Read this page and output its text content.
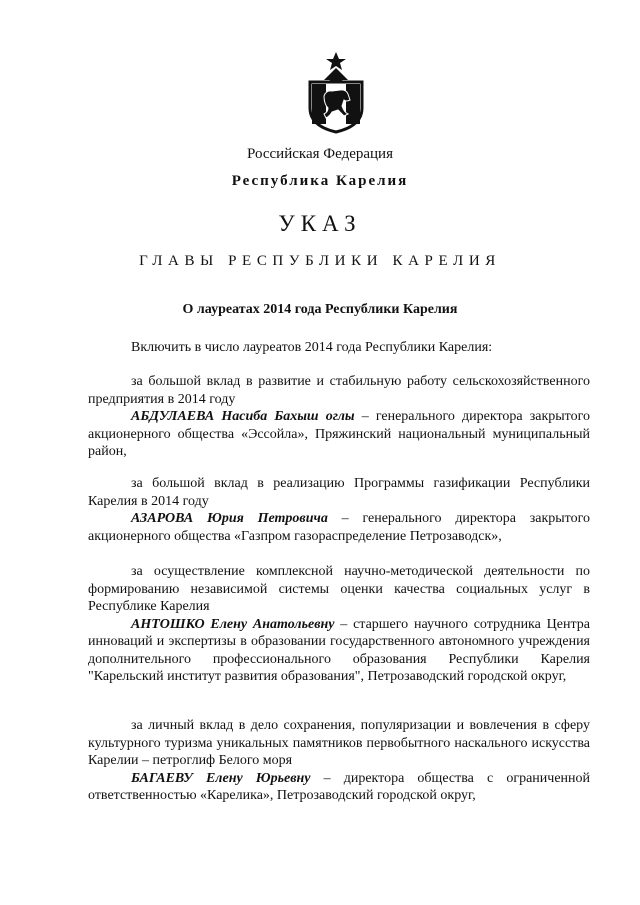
Российская Федерация
Республика Карелия
УКАЗ
ГЛАВЫ РЕСПУБЛИКИ КАРЕЛИЯ
О лауреатах 2014 года Республики Карелия
Включить в число лауреатов 2014 года Республики Карелия:
за большой вклад в развитие и стабильную работу сельскохозяйственного предприятия в 2014 году
АБДУЛАЕВА Насиба Бахыш оглы – генерального директора закрытого акционерного общества «Эссойла», Пряжинский национальный муниципальный район,
за большой вклад в реализацию Программы газификации Республики Карелия в 2014 году
АЗАРОВА Юрия Петровича – генерального директора закрытого акционерного общества «Газпром газораспределение Петрозаводск»,
за осуществление комплексной научно-методической деятельности по формированию независимой системы оценки качества социальных услуг в Республике Карелия
АНТОШКО Елену Анатольевну – старшего научного сотрудника Центра инноваций и экспертизы в образовании государственного автономного учреждения дополнительного профессионального образования Республики Карелия "Карельский институт развития образования", Петрозаводский городской округ,
за личный вклад в дело сохранения, популяризации и вовлечения в сферу культурного туризма уникальных памятников первобытного наскального искусства Карелии – петроглиф Белого моря
БАГАЕВУ Елену Юрьевну – директора общества с ограниченной ответственностью «Карелика», Петрозаводский городской округ,
